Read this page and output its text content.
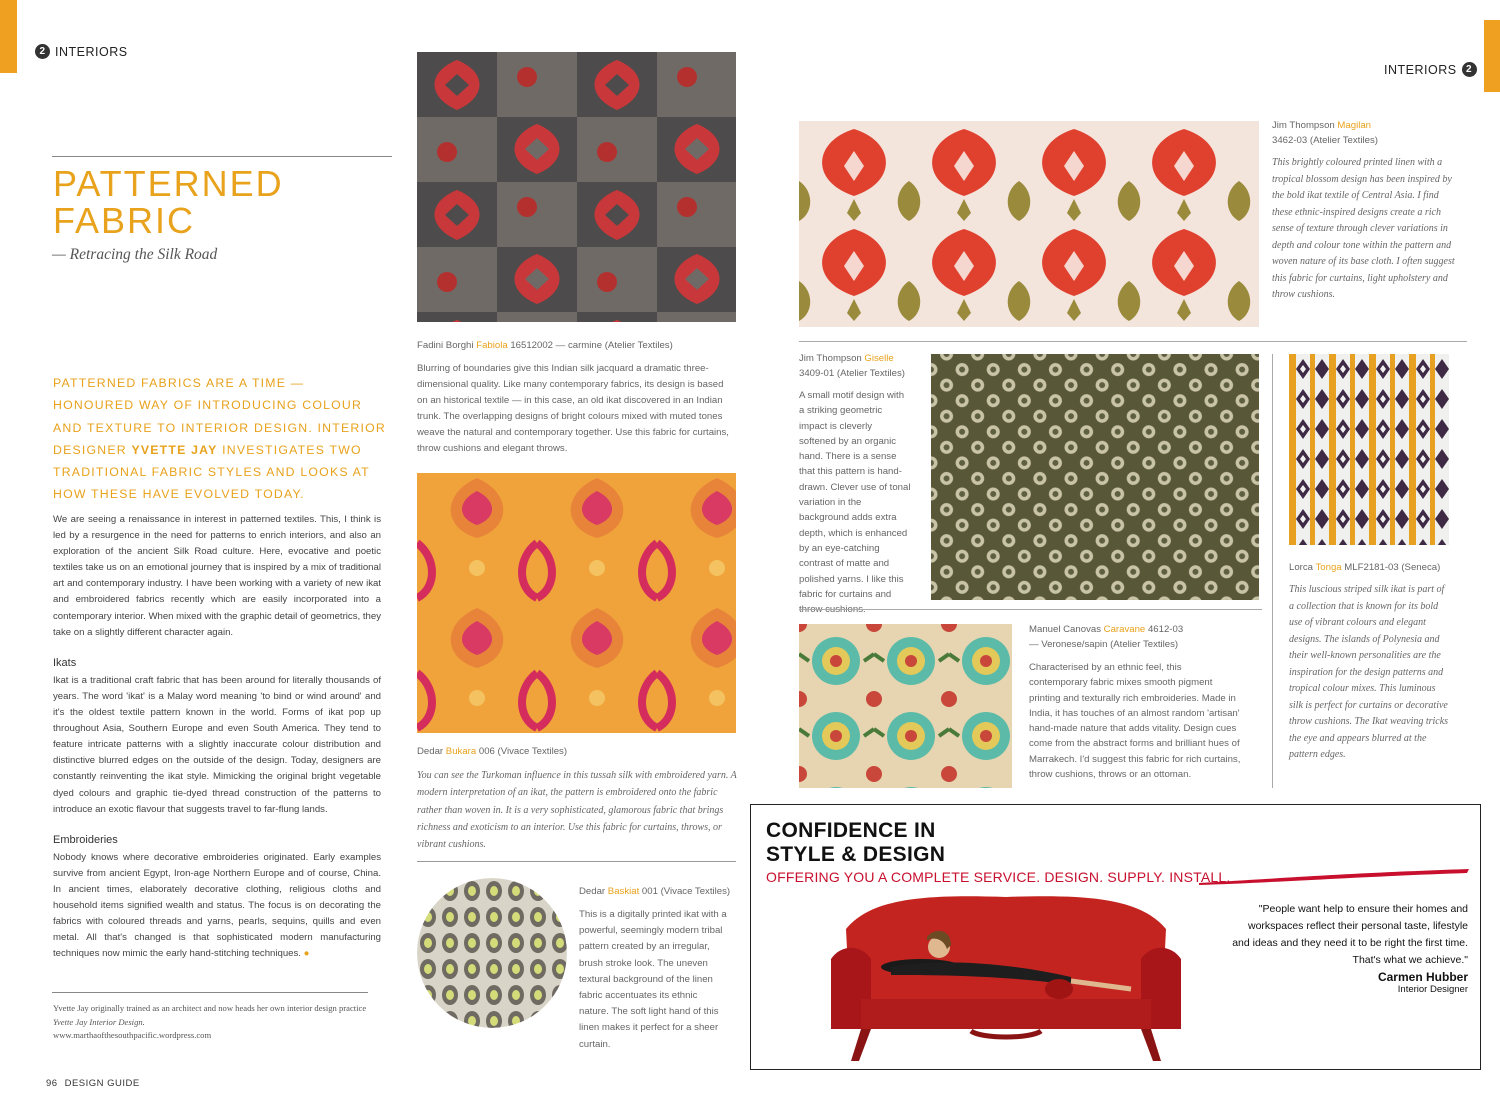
2 INTERIORS
INTERIORS 2
PATTERNED
FABRIC
— Retracing the Silk Road
PATTERNED FABRICS ARE A TIME — HONOURED WAY OF INTRODUCING COLOUR AND TEXTURE TO INTERIOR DESIGN. INTERIOR DESIGNER YVETTE JAY INVESTIGATES TWO TRADITIONAL FABRIC STYLES AND LOOKS AT HOW THESE HAVE EVOLVED TODAY.
We are seeing a renaissance in interest in patterned textiles. This, I think is led by a resurgence in the need for patterns to enrich interiors, and also an exploration of the ancient Silk Road culture. Here, evocative and poetic textiles take us on an emotional journey that is inspired by a mix of traditional art and contemporary industry. I have been working with a variety of new ikat and embroidered fabrics recently which are easily incorporated into a contemporary interior. When mixed with the graphic detail of geometrics, they take on a slightly different character again.
Ikats
Ikat is a traditional craft fabric that has been around for literally thousands of years. The word 'ikat' is a Malay word meaning 'to bind or wind around' and it's the oldest textile pattern known in the world. Forms of ikat pop up throughout Asia, Southern Europe and even South America. They tend to feature intricate patterns with a slightly inaccurate colour distribution and distinctive blurred edges on the outside of the design. Today, designers are constantly reinventing the ikat style. Mimicking the original bright vegetable dyed colours and graphic tie-dyed thread construction of the patterns to introduce an exotic flavour that suggests travel to far-flung lands.
Embroideries
Nobody knows where decorative embroideries originated. Early examples survive from ancient Egypt, Iron-age Northern Europe and of course, China. In ancient times, elaborately decorative clothing, religious cloths and household items signified wealth and status. The focus is on decorating the fabrics with coloured threads and yarns, pearls, sequins, quills and even metal. All that's changed is that sophisticated modern manufacturing techniques now mimic the early hand-stitching techniques. ●
Yvette Jay originally trained as an architect and now heads her own interior design practice Yvette Jay Interior Design.
www.marthaofthesouthpacific.wordpress.com
96 DESIGN GUIDE
Fadini Borghi Fabiola 16512002 — carmine (Atelier Textiles)
Blurring of boundaries give this Indian silk jacquard a dramatic three-dimensional quality. Like many contemporary fabrics, its design is based on an historical textile — in this case, an old ikat discovered in an Indian trunk. The overlapping designs of bright colours mixed with muted tones weave the natural and contemporary together. Use this fabric for curtains, throw cushions and elegant throws.
Dedar Bukara 006 (Vivace Textiles)
You can see the Turkoman influence in this tussah silk with embroidered yarn. A modern interpretation of an ikat, the pattern is embroidered onto the fabric rather than woven in. It is a very sophisticated, glamorous fabric that brings richness and exoticism to an interior. Use this fabric for curtains, throws, or vibrant cushions.
Dedar Baskiat 001 (Vivace Textiles)
This is a digitally printed ikat with a powerful, seemingly modern tribal pattern created by an irregular, brush stroke look. The uneven textural background of the linen fabric accentuates its ethnic nature. The soft light hand of this linen makes it perfect for a sheer curtain.
Jim Thompson Magilan
3462-03 (Atelier Textiles)
This brightly coloured printed linen with a tropical blossom design has been inspired by the bold ikat textile of Central Asia. I find these ethnic-inspired designs create a rich sense of texture through clever variations in depth and colour tone within the pattern and woven nature of its base cloth. I often suggest this fabric for curtains, light upholstery and throw cushions.
Jim Thompson Giselle
3409-01 (Atelier Textiles)
A small motif design with a striking geometric impact is cleverly softened by an organic hand. There is a sense that this pattern is hand-drawn. Clever use of tonal variation in the background adds extra depth, which is enhanced by an eye-catching contrast of matte and polished yarns. I like this fabric for curtains and
Manuel Canovas Caravane 4612-03
— Veronese/sapin (Atelier Textiles)
Characterised by an ethnic feel, this contemporary fabric mixes smooth pigment printing and texturally rich embroideries. Made in India, it has touches of an almost random 'artisan' hand-made nature that adds vitality. Design cues come from the abstract forms and brilliant hues of Marrakech. I'd suggest this fabric for rich curtains, throw cushions, throws or an ottoman.
Lorca Tonga MLF2181-03 (Seneca)
This luscious striped silk ikat is part of a collection that is known for its bold use of vibrant colours and elegant designs. The islands of Polynesia and their well-known personalities are the inspiration for the design patterns and tropical colour mixes. This luminous silk is perfect for curtains or decorative throw cushions. The Ikat weaving tricks the eye and appears blurred at the pattern edges.
CONFIDENCE IN
STYLE & DESIGN
OFFERING YOU A COMPLETE SERVICE. DESIGN. SUPPLY. INSTALL.
"People want help to ensure their homes and workspaces reflect their personal taste, lifestyle and ideas and they need it to be right the first time. That's what we achieve."
Carmen Hubber
Interior Designer
